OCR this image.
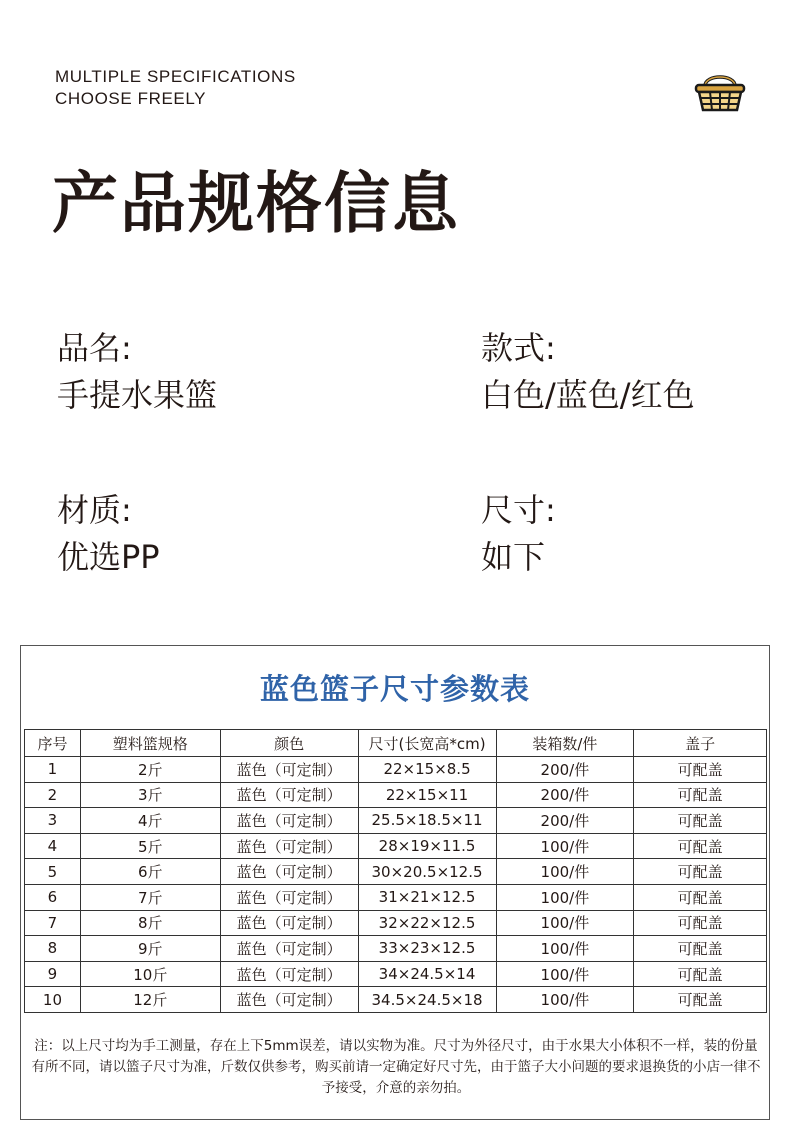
MULTIPLE SPECIFICATIONS
CHOOSE FREELY
产品规格信息
品名:
手提水果篮
款式:
白色/蓝色/红色
材质:
优选PP
尺寸:
如下
蓝色篮子尺寸参数表
序号	塑料篮规格	颜色	尺寸(长宽高*cm)	装箱数/件	盖子
1	2斤	蓝色（可定制）	22×15×8.5	200/件	可配盖
2	3斤	蓝色（可定制）	22×15×11	200/件	可配盖
3	4斤	蓝色（可定制）	25.5×18.5×11	200/件	可配盖
4	5斤	蓝色（可定制）	28×19×11.5	100/件	可配盖
5	6斤	蓝色（可定制）	30×20.5×12.5	100/件	可配盖
6	7斤	蓝色（可定制）	31×21×12.5	100/件	可配盖
7	8斤	蓝色（可定制）	32×22×12.5	100/件	可配盖
8	9斤	蓝色（可定制）	33×23×12.5	100/件	可配盖
9	10斤	蓝色（可定制）	34×24.5×14	100/件	可配盖
10	12斤	蓝色（可定制）	34.5×24.5×18	100/件	可配盖
注：以上尺寸均为手工测量，存在上下5mm误差，请以实物为准。尺寸为外径尺寸，由于水果大小体积不一样，装的份量有所不同，请以篮子尺寸为准，斤数仅供参考，购买前请一定确定好尺寸先，由于篮子大小问题的要求退换货的小店一律不予接受，介意的亲勿拍。
